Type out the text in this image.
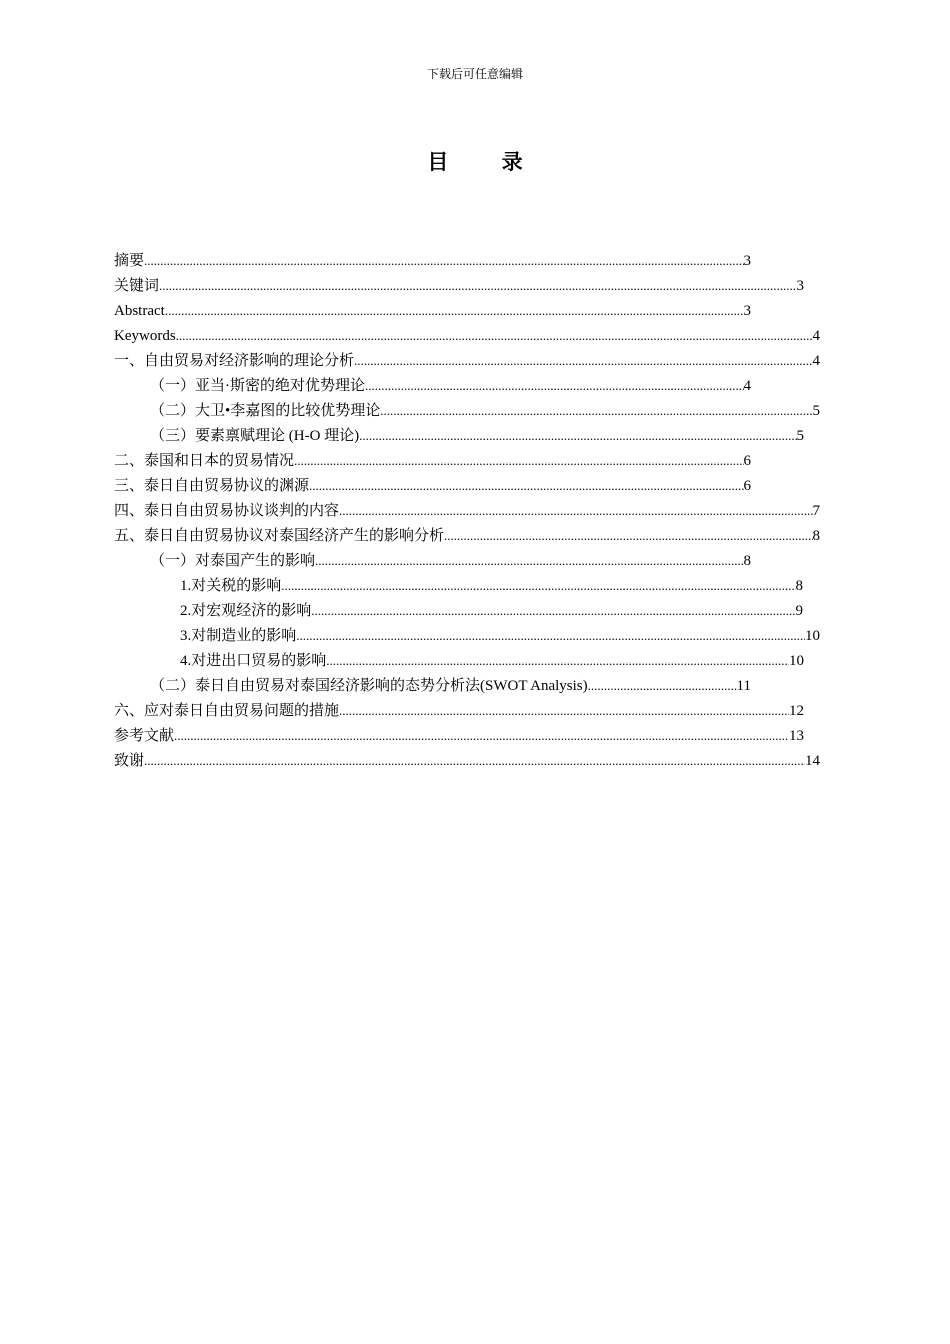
下载后可任意编辑
目 录
摘要 .....	3
关键词 .....	3
Abstract .....	3
Keywords .....	4
一、自由贸易对经济影响的理论分析 .....	4
（一）亚当·斯密的绝对优势理论 .....	4
（二）大卫•李嘉图的比较优势理论 .....	5
（三）要素禀赋理论 (H-O 理论) .....	5
二、泰国和日本的贸易情况 .....	6
三、泰日自由贸易协议的渊源 .....	6
四、泰日自由贸易协议谈判的内容 .....	7
五、泰日自由贸易协议对泰国经济产生的影响分析 .....	8
（一）对泰国产生的影响 .....	8
1.对关税的影响 .....	8
2.对宏观经济的影响 .....	9
3.对制造业的影响 .....	10
4.对进出口贸易的影响 .....	10
（二）泰日自由贸易对泰国经济影响的态势分析法(SWOT Analysis) .....	11
六、应对泰日自由贸易问题的措施 .....	12
参考文献 .....	13
致谢 .....	14
